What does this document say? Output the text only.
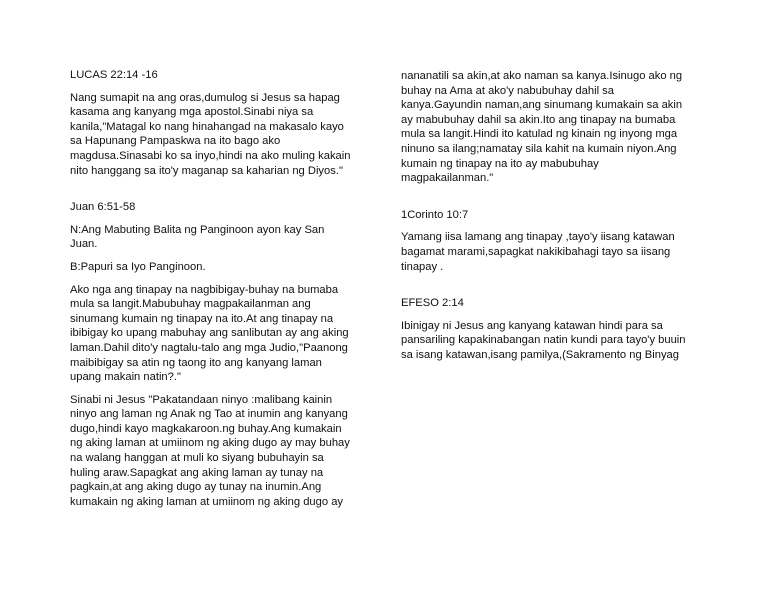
LUCAS 22:14 -16

Nang sumapit na ang oras,dumulog si Jesus sa hapag
kasama ang kanyang mga apostol.Sinabi niya sa
kanila,"Matagal ko nang hinahangad na makasalo kayo
sa Hapunang Pampaskwa na ito bago ako
magdusa.Sinasabi ko sa inyo,hindi na ako muling kakain
nito hanggang sa ito'y maganap sa kaharian ng Diyos."

Juan 6:51-58

N:Ang Mabuting Balita ng Panginoon ayon kay San
Juan.

B:Papuri sa Iyo Panginoon.

Ako nga ang tinapay na nagbibigay-buhay na bumaba
mula sa langit.Mabubuhay magpakailanman ang
sinumang kumain ng tinapay na ito.At ang tinapay na
ibibigay ko upang mabuhay ang sanlibutan ay ang aking
laman.Dahil dito'y nagtalu-talo ang mga Judio,"Paanong
maibibigay sa atin ng taong ito ang kanyang laman
upang makain natin?."

Sinabi ni Jesus "Pakatandaan ninyo :malibang kainin
ninyo ang laman ng Anak ng Tao at inumin ang kanyang
dugo,hindi kayo magkakaroon.ng buhay.Ang kumakain
ng aking laman at umiinom ng aking dugo ay may buhay
na walang hanggan at muli ko siyang bubuhayin sa
huling araw.Sapagkat ang aking laman ay tunay na
pagkain,at ang aking dugo ay tunay na inumin.Ang
kumakain ng aking laman at umiinom ng aking dugo ay

nananatili sa akin,at ako naman sa kanya.Isinugo ako ng
buhay na Ama at ako'y nabubuhay dahil sa
kanya.Gayundin naman,ang sinumang kumakain sa akin
ay mabubuhay dahil sa akin.Ito ang tinapay na bumaba
mula sa langit.Hindi ito katulad ng kinain ng inyong mga
ninuno sa ilang;namatay sila kahit na kumain niyon.Ang
kumain ng tinapay na ito ay mabubuhay
magpakailanman."

1Corinto 10:7

Yamang iisa lamang ang tinapay ,tayo'y iisang katawan
bagamat marami,sapagkat nakikibahagi tayo sa iisang
tinapay .

EFESO 2:14

Ibinigay ni Jesus ang kanyang katawan hindi para sa
pansariling kapakinabangan natin kundi para tayo'y buuin
sa isang katawan,isang pamilya,(Sakramento ng Binyag
